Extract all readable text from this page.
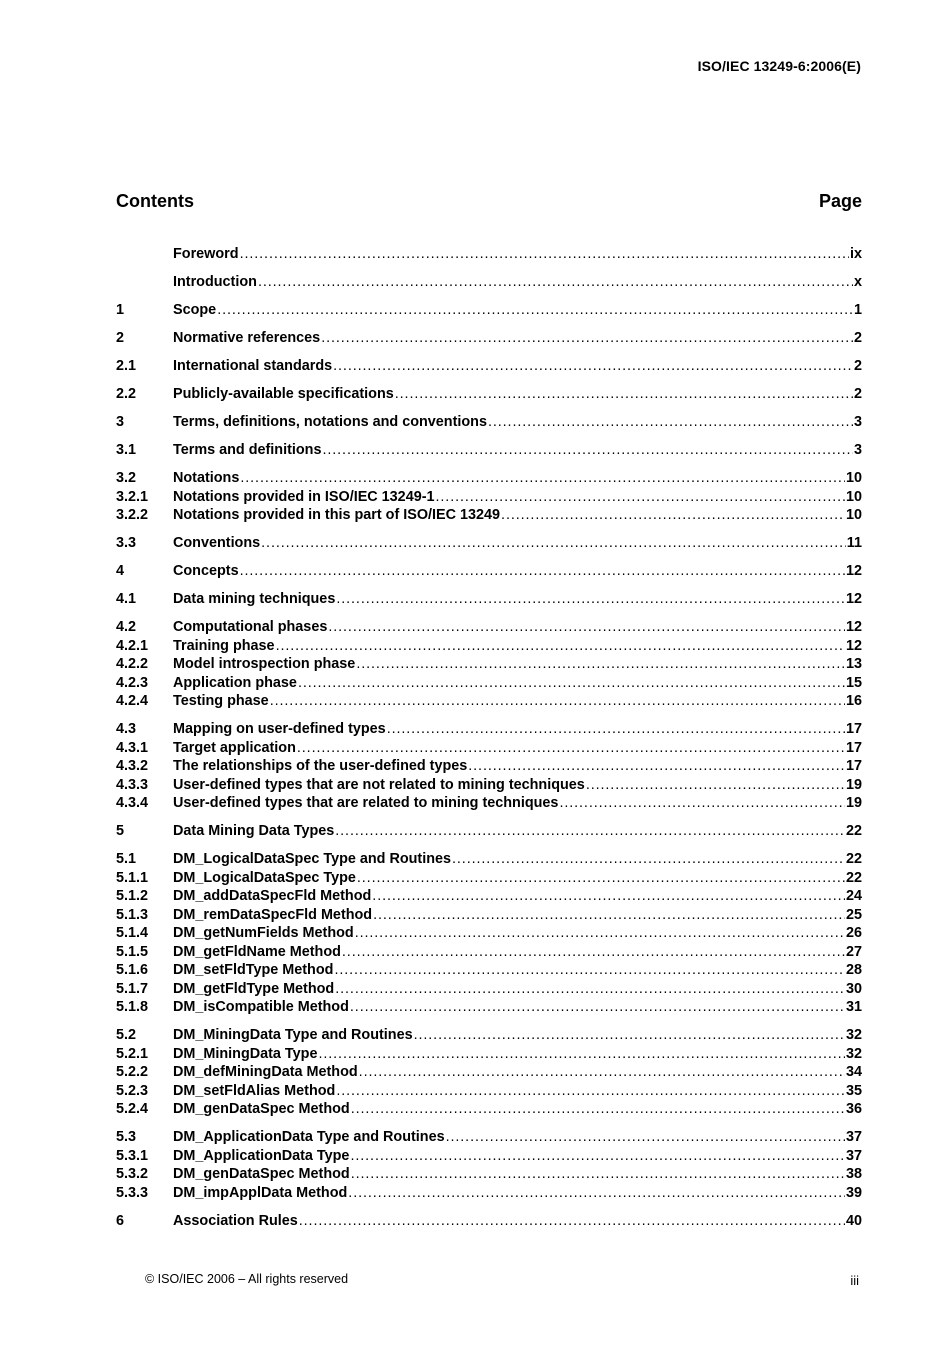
ISO/IEC 13249-6:2006(E)
Contents	Page
Foreword .....	ix
Introduction .....	x
1	Scope .....	1
2	Normative references .....	2
2.1	International standards .....	2
2.2	Publicly-available specifications .....	2
3	Terms, definitions, notations and conventions .....	3
3.1	Terms and definitions .....	3
3.2	Notations .....	10
3.2.1	Notations provided in ISO/IEC 13249-1 .....	10
3.2.2	Notations provided in this part of ISO/IEC 13249 .....	10
3.3	Conventions .....	11
4	Concepts .....	12
4.1	Data mining techniques .....	12
4.2	Computational phases .....	12
4.2.1	Training phase .....	12
4.2.2	Model introspection phase .....	13
4.2.3	Application phase .....	15
4.2.4	Testing phase .....	16
4.3	Mapping on user-defined types .....	17
4.3.1	Target application .....	17
4.3.2	The relationships of the user-defined types .....	17
4.3.3	User-defined types that are not related to mining techniques .....	19
4.3.4	User-defined types that are related to mining techniques .....	19
5	Data Mining Data Types .....	22
5.1	DM_LogicalDataSpec Type and Routines .....	22
5.1.1	DM_LogicalDataSpec Type .....	22
5.1.2	DM_addDataSpecFld Method .....	24
5.1.3	DM_remDataSpecFld Method .....	25
5.1.4	DM_getNumFields Method .....	26
5.1.5	DM_getFldName Method .....	27
5.1.6	DM_setFldType Method .....	28
5.1.7	DM_getFldType Method .....	30
5.1.8	DM_isCompatible Method .....	31
5.2	DM_MiningData Type and Routines .....	32
5.2.1	DM_MiningData Type .....	32
5.2.2	DM_defMiningData Method .....	34
5.2.3	DM_setFldAlias Method .....	35
5.2.4	DM_genDataSpec Method .....	36
5.3	DM_ApplicationData Type and Routines .....	37
5.3.1	DM_ApplicationData Type .....	37
5.3.2	DM_genDataSpec Method .....	38
5.3.3	DM_impApplData Method .....	39
6	Association Rules .....	40
© ISO/IEC 2006 – All rights reserved	iii
